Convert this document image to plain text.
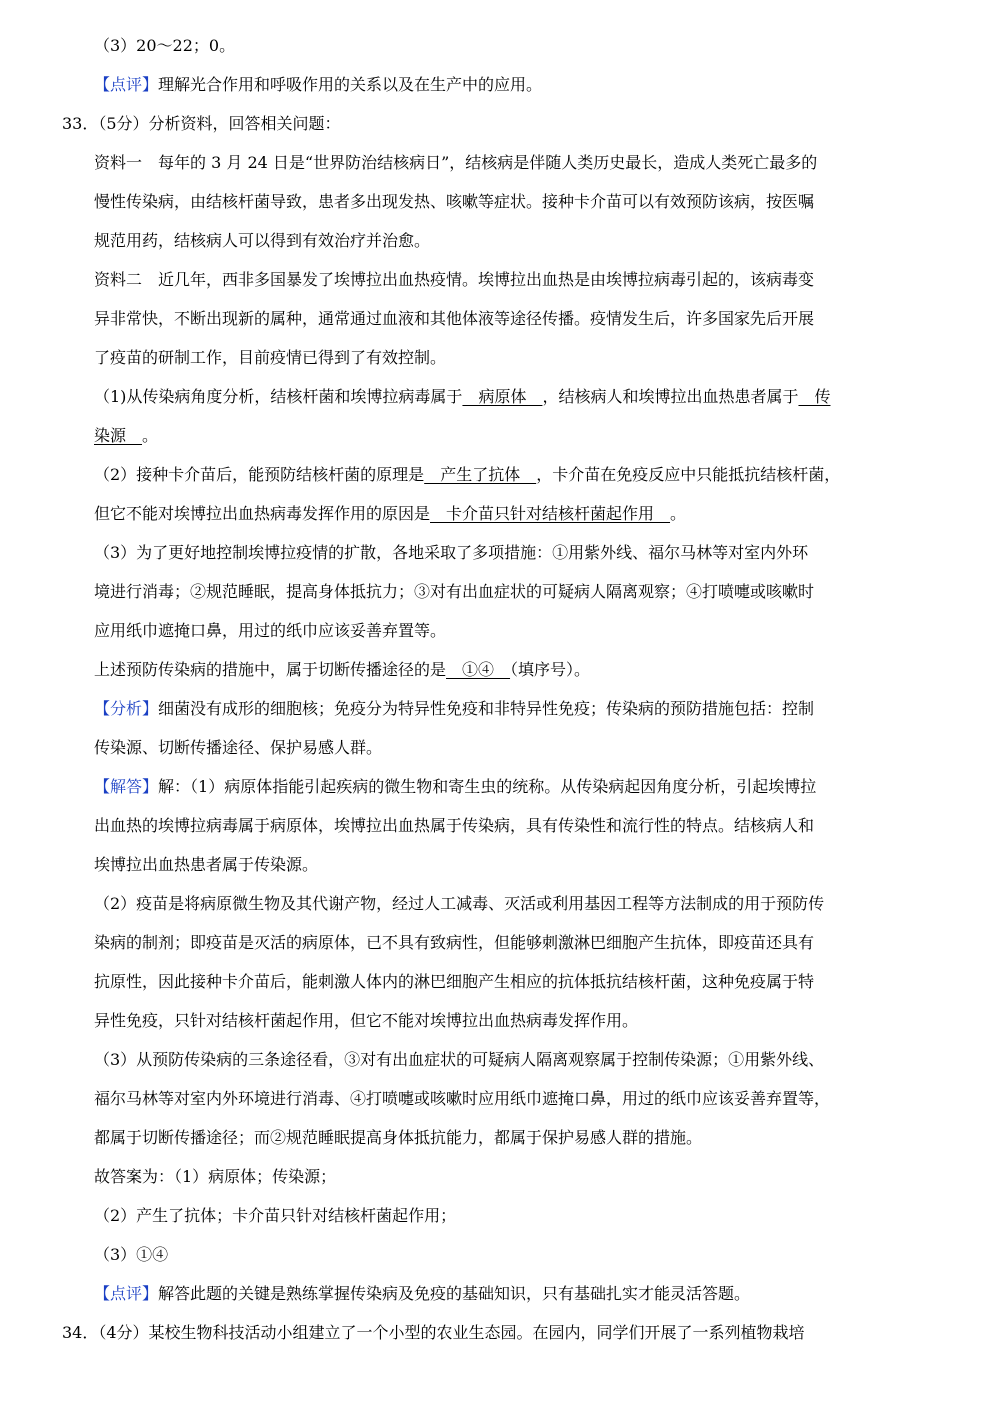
（3）20～22；0。
【点评】理解光合作用和呼吸作用的关系以及在生产中的应用。
33．（5分）分析资料，回答相关问题：
资料一　每年的 3 月 24 日是“世界防治结核病日”，结核病是伴随人类历史最长，造成人类死亡最多的
慢性传染病，由结核杆菌导致，患者多出现发热、咳嗽等症状。接种卡介苗可以有效预防该病，按医嘱
规范用药，结核病人可以得到有效治疗并治愈。
资料二　近几年，西非多国暴发了埃博拉出血热疫情。埃博拉出血热是由埃博拉病毒引起的，该病毒变
异非常快，不断出现新的属种，通常通过血液和其他体液等途径传播。疫情发生后，许多国家先后开展
了疫苗的研制工作，目前疫情已得到了有效控制。
（1)从传染病角度分析，结核杆菌和埃博拉病毒属于　病原体　，结核病人和埃博拉出血热患者属于　传
染源　。
（2）接种卡介苗后，能预防结核杆菌的原理是　产生了抗体　，卡介苗在免疫反应中只能抵抗结核杆菌，
但它不能对埃博拉出血热病毒发挥作用的原因是　卡介苗只针对结核杆菌起作用　。
（3）为了更好地控制埃博拉疫情的扩散，各地采取了多项措施：①用紫外线、福尔马林等对室内外环
境进行消毒；②规范睡眠，提高身体抵抗力；③对有出血症状的可疑病人隔离观察；④打喷嚏或咳嗽时
应用纸巾遮掩口鼻，用过的纸巾应该妥善弃置等。
上述预防传染病的措施中，属于切断传播途径的是　①④　（填序号）。
【分析】细菌没有成形的细胞核；免疫分为特异性免疫和非特异性免疫；传染病的预防措施包括：控制
传染源、切断传播途径、保护易感人群。
【解答】解：（1）病原体指能引起疾病的微生物和寄生虫的统称。从传染病起因角度分析，引起埃博拉
出血热的埃博拉病毒属于病原体，埃博拉出血热属于传染病，具有传染性和流行性的特点。结核病人和
埃博拉出血热患者属于传染源。
（2）疫苗是将病原微生物及其代谢产物，经过人工减毒、灭活或利用基因工程等方法制成的用于预防传
染病的制剂；即疫苗是灭活的病原体，已不具有致病性，但能够刺激淋巴细胞产生抗体，即疫苗还具有
抗原性，因此接种卡介苗后，能刺激人体内的淋巴细胞产生相应的抗体抵抗结核杆菌，这种免疫属于特
异性免疫，只针对结核杆菌起作用，但它不能对埃博拉出血热病毒发挥作用。
（3）从预防传染病的三条途径看，③对有出血症状的可疑病人隔离观察属于控制传染源；①用紫外线、
福尔马林等对室内外环境进行消毒、④打喷嚏或咳嗽时应用纸巾遮掩口鼻，用过的纸巾应该妥善弃置等，
都属于切断传播途径；而②规范睡眠提高身体抵抗能力，都属于保护易感人群的措施。
故答案为：（1）病原体；传染源；
（2）产生了抗体；卡介苗只针对结核杆菌起作用；
（3）①④
【点评】解答此题的关键是熟练掌握传染病及免疫的基础知识，只有基础扎实才能灵活答题。
34．（4分）某校生物科技活动小组建立了一个小型的农业生态园。在园内，同学们开展了一系列植物栽培
